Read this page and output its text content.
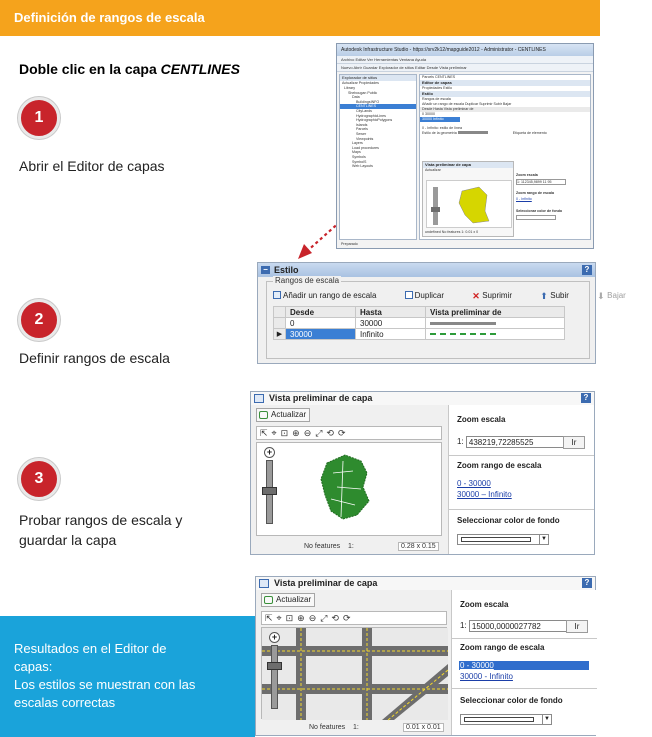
Definición de rangos de escala
Doble clic en la capa CENTLINES
1
Abrir el Editor de capas
2
Definir rangos de escala
3
Probar rangos de escala y
guardar la capa
Resultados en el Editor de
capas:
Los estilos se muestran con las
escalas correctas
Autodesk Infrastructure Studio - https://srv2k12/mapguide2012 - Administrator - CENTLINES
Archivo Editar Ver Herramientas Ventana Ayuda
Nuevo Abrir Guardar Explorador de sitios Editar Desde Vista preliminar
Explorador de sitios
Actualizar Propiedades
Library
Shebougan Public
Data
BuildingsINFO
CENTLINES
CityLands
HydrographicLines
HydrographicPolygons
Islands
Parcels
Sewer
Viewpoints
Layers
Load procedures
Maps
Symbols
SymbolS
Web Layouts
Parcels CENTLINES
Editor de capas
Propiedades Estilo
Estilo
Rangos de escala
Añadir un rango de escala Duplicar Suprimir Subir Bajar
Desde Hasta Vista preliminar de
0 30000
30000 Infinito
0 - Infinito: estilo de línea
Estilo de la geometría	Etiqueta de elemento
Vista preliminar de capa
Actualizar
undefined No features 1: 0.01 x 0
Zoom escala
1: 112345,9899 11 95
Zoom rango de escala
0 - Infinito
Seleccionar color de fondo
Preparado
− Estilo	?
Rangos de escala
Añadir un rango de escala	Duplicar	✕ Suprimir	⬆ Subir	⬇ Bajar
	Desde	Hasta	Vista preliminar de
	0	30000	
▶	30000	Infinito	
Vista preliminar de capa	?
Actualizar
⇱⌖⊡⊕⊖⤢⟲⟳
+
No features 1:	0.28 x 0.15
Zoom escala
1: 438219,72285525	Ir
Zoom rango de escala
0 - 30000
30000 – Infinito
Seleccionar color de fondo
▼
Vista preliminar de capa	?
Actualizar
⇱⌖⊡⊕⊖⤢⟲⟳
+
No features 1:	0.01 x 0.01
Zoom escala
1: 15000,0000027782	Ir
Zoom rango de escala
0 - 30000
30000 - Infinito
Seleccionar color de fondo
▼
